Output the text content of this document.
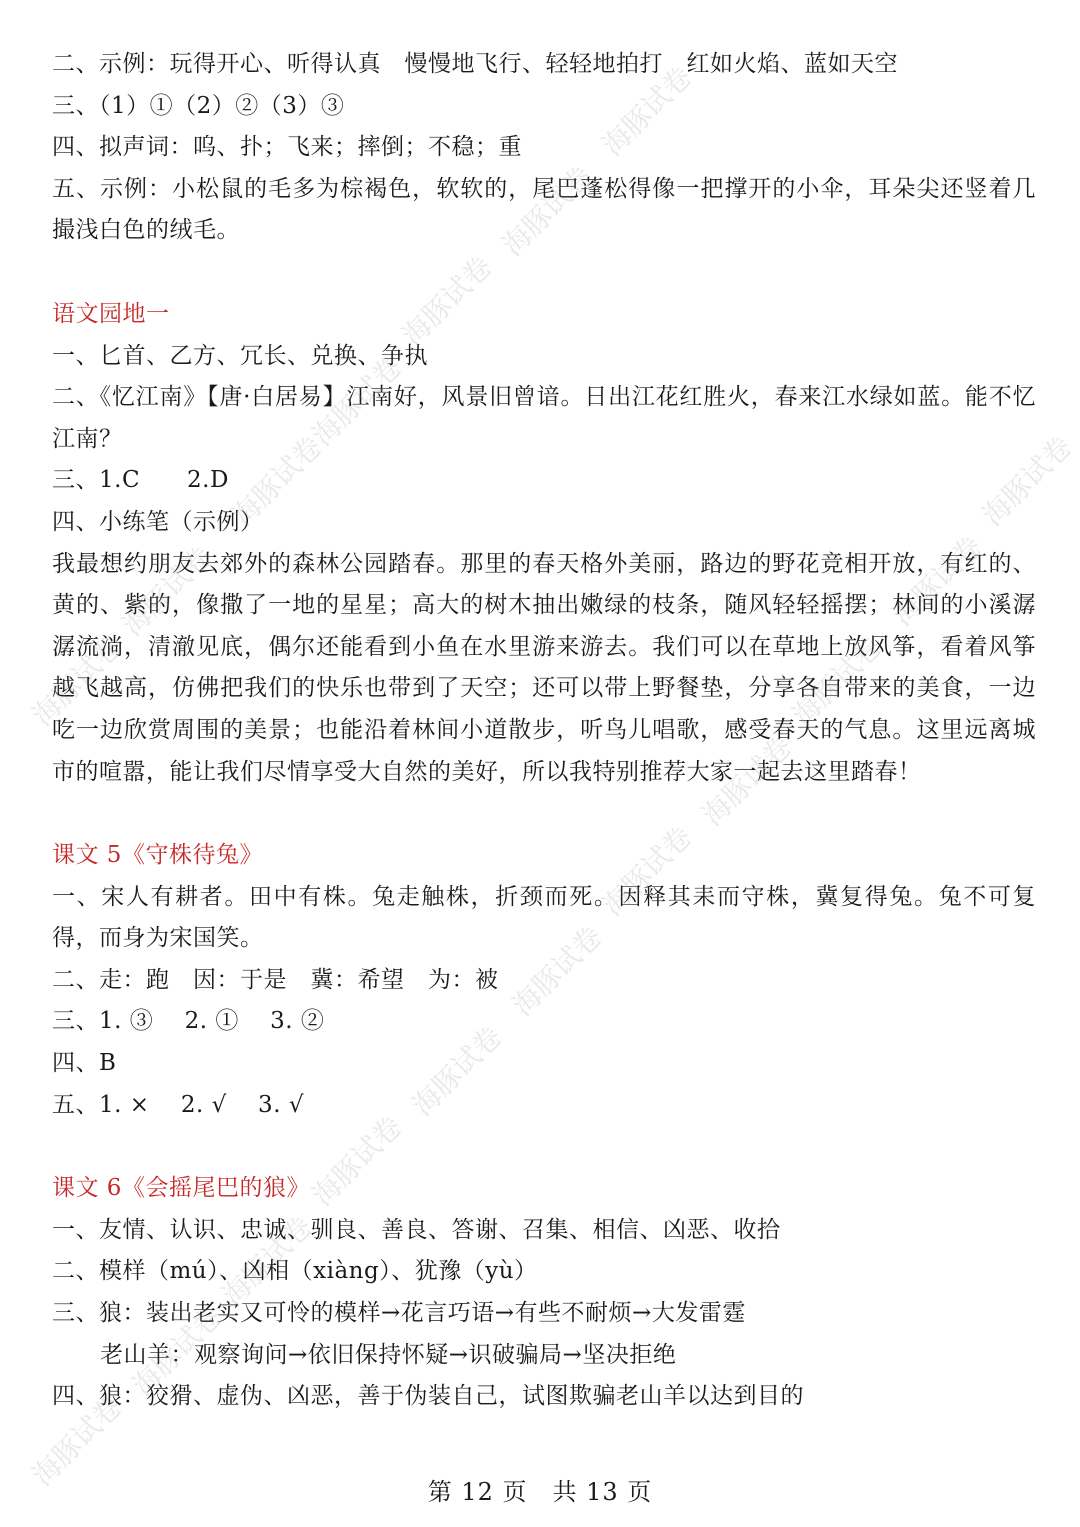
二、示例：玩得开心、听得认真　慢慢地飞行、轻轻地拍打　红如火焰、蓝如天空
三、（1）①（2）②（3）③
四、拟声词：呜、扑；飞来；摔倒；不稳；重
五、示例：小松鼠的毛多为棕褐色，软软的，尾巴蓬松得像一把撑开的小伞，耳朵尖还竖着几撮浅白色的绒毛。
语文园地一
一、匕首、乙方、冗长、兑换、争执
二、《忆江南》【唐·白居易】江南好，风景旧曾谙。日出江花红胜火，春来江水绿如蓝。能不忆江南？
三、1.C　　2.D
四、小练笔（示例）
我最想约朋友去郊外的森林公园踏春。那里的春天格外美丽，路边的野花竞相开放，有红的、黄的、紫的，像撒了一地的星星；高大的树木抽出嫩绿的枝条，随风轻轻摇摆；林间的小溪潺潺流淌，清澈见底，偶尔还能看到小鱼在水里游来游去。我们可以在草地上放风筝，看着风筝越飞越高，仿佛把我们的快乐也带到了天空；还可以带上野餐垫，分享各自带来的美食，一边吃一边欣赏周围的美景；也能沿着林间小道散步，听鸟儿唱歌，感受春天的气息。这里远离城市的喧嚣，能让我们尽情享受大自然的美好，所以我特别推荐大家一起去这里踏春！
课文 5《守株待兔》
一、宋人有耕者。田中有株。兔走触株，折颈而死。因释其耒而守株，冀复得兔。兔不可复得，而身为宋国笑。
二、走：跑　因：于是　冀：希望　为：被
三、1. ③　 2. ①　 3. ②
四、B
五、1. ×　 2. √　 3. √
课文 6《会摇尾巴的狼》
一、友情、认识、忠诚、驯良、善良、答谢、召集、相信、凶恶、收拾
二、模样（mú）、凶相（xiàng）、犹豫（yù）
三、狼：装出老实又可怜的模样→花言巧语→有些不耐烦→大发雷霆
老山羊：观察询问→依旧保持怀疑→识破骗局→坚决拒绝
四、狼：狡猾、虚伪、凶恶，善于伪装自己，试图欺骗老山羊以达到目的
第 12 页　共 13 页
海豚试卷
海豚试卷
海豚试卷
海豚试卷
海豚试卷
海豚试卷
海豚试卷
海豚试卷
海豚试卷
海豚试卷
海豚试卷
海豚试卷
海豚试卷
海豚试卷
海豚试卷
海豚试卷
海豚试卷
海豚试卷
